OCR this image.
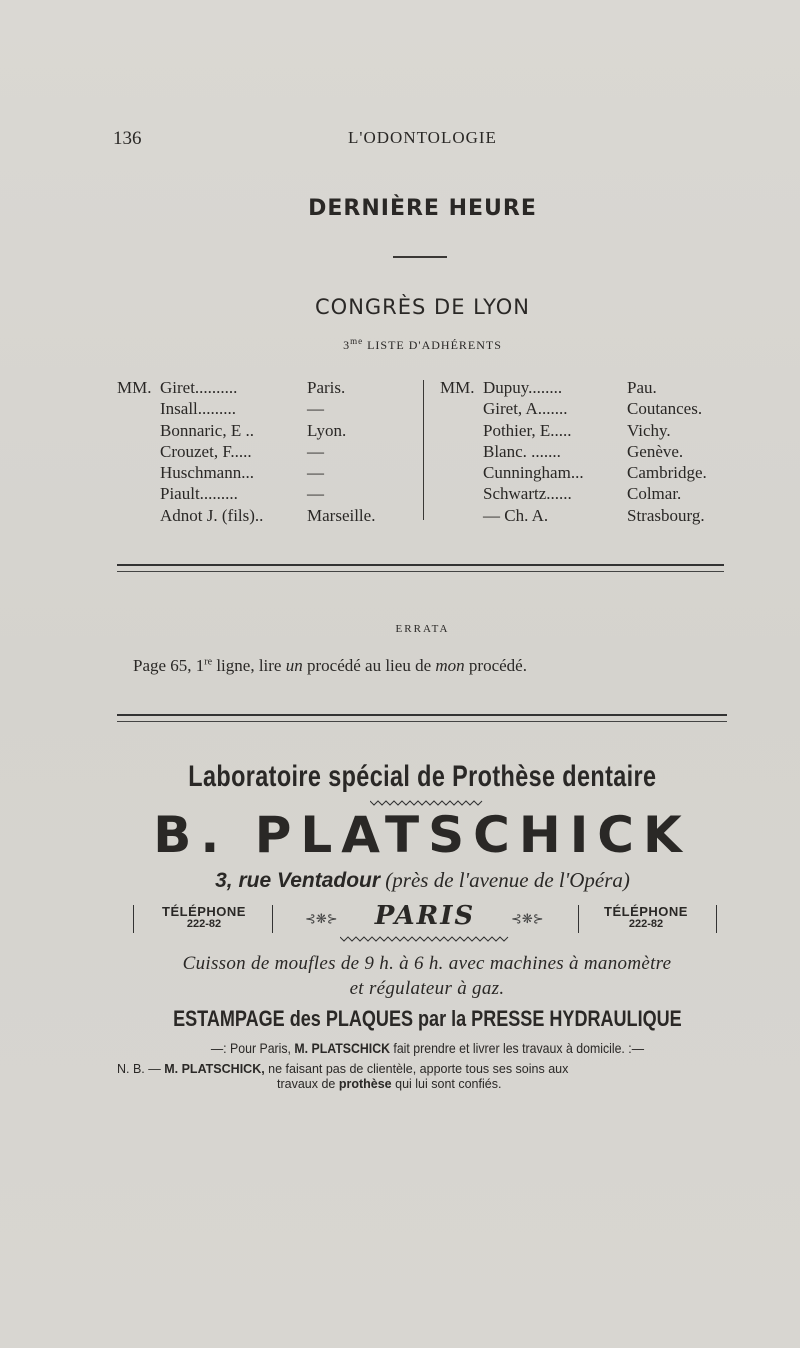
136	L'ODONTOLOGIE
DERNIÈRE HEURE
CONGRÈS DE LYON
$3^{me}$ LISTE D'ADHÉRENTS
MM. Giret..........	Paris.
Insall.........	—
Bonnaric, E ..	Lyon.
Crouzet, F.....	—
Huschmann...	—
Piault.........	—
Adnot J. (fils)..	Marseille.
MM. Dupuy........	Pau.
Giret, A.......	Coutances.
Pothier, E.....	Vichy.
Blanc. .......	Genève.
Cunningham...	Cambridge.
Schwartz......	Colmar.
— Ch. A.	Strasbourg.
ERRATA
Page 65, 1re ligne, lire un procédé au lieu de mon procédé.
Laboratoire spécial de Prothèse dentaire
B. PLATSCHICK
3, rue Ventadour (près de l'avenue de l'Opéra)
TÉLÉPHONE
222-82	⊰❋⊱	PARIS	⊰❋⊱	TÉLÉPHONE
222-82
Cuisson de moufles de 9 h. à 6 h. avec machines à manomètre
et régulateur à gaz.
ESTAMPAGE des PLAQUES par la PRESSE HYDRAULIQUE
—: Pour Paris, M. PLATSCHICK fait prendre et livrer les travaux à domicile. :—
N. B. — M. PLATSCHICK, ne faisant pas de clientèle, apporte tous ses soins aux
travaux de prothèse qui lui sont confiés.
